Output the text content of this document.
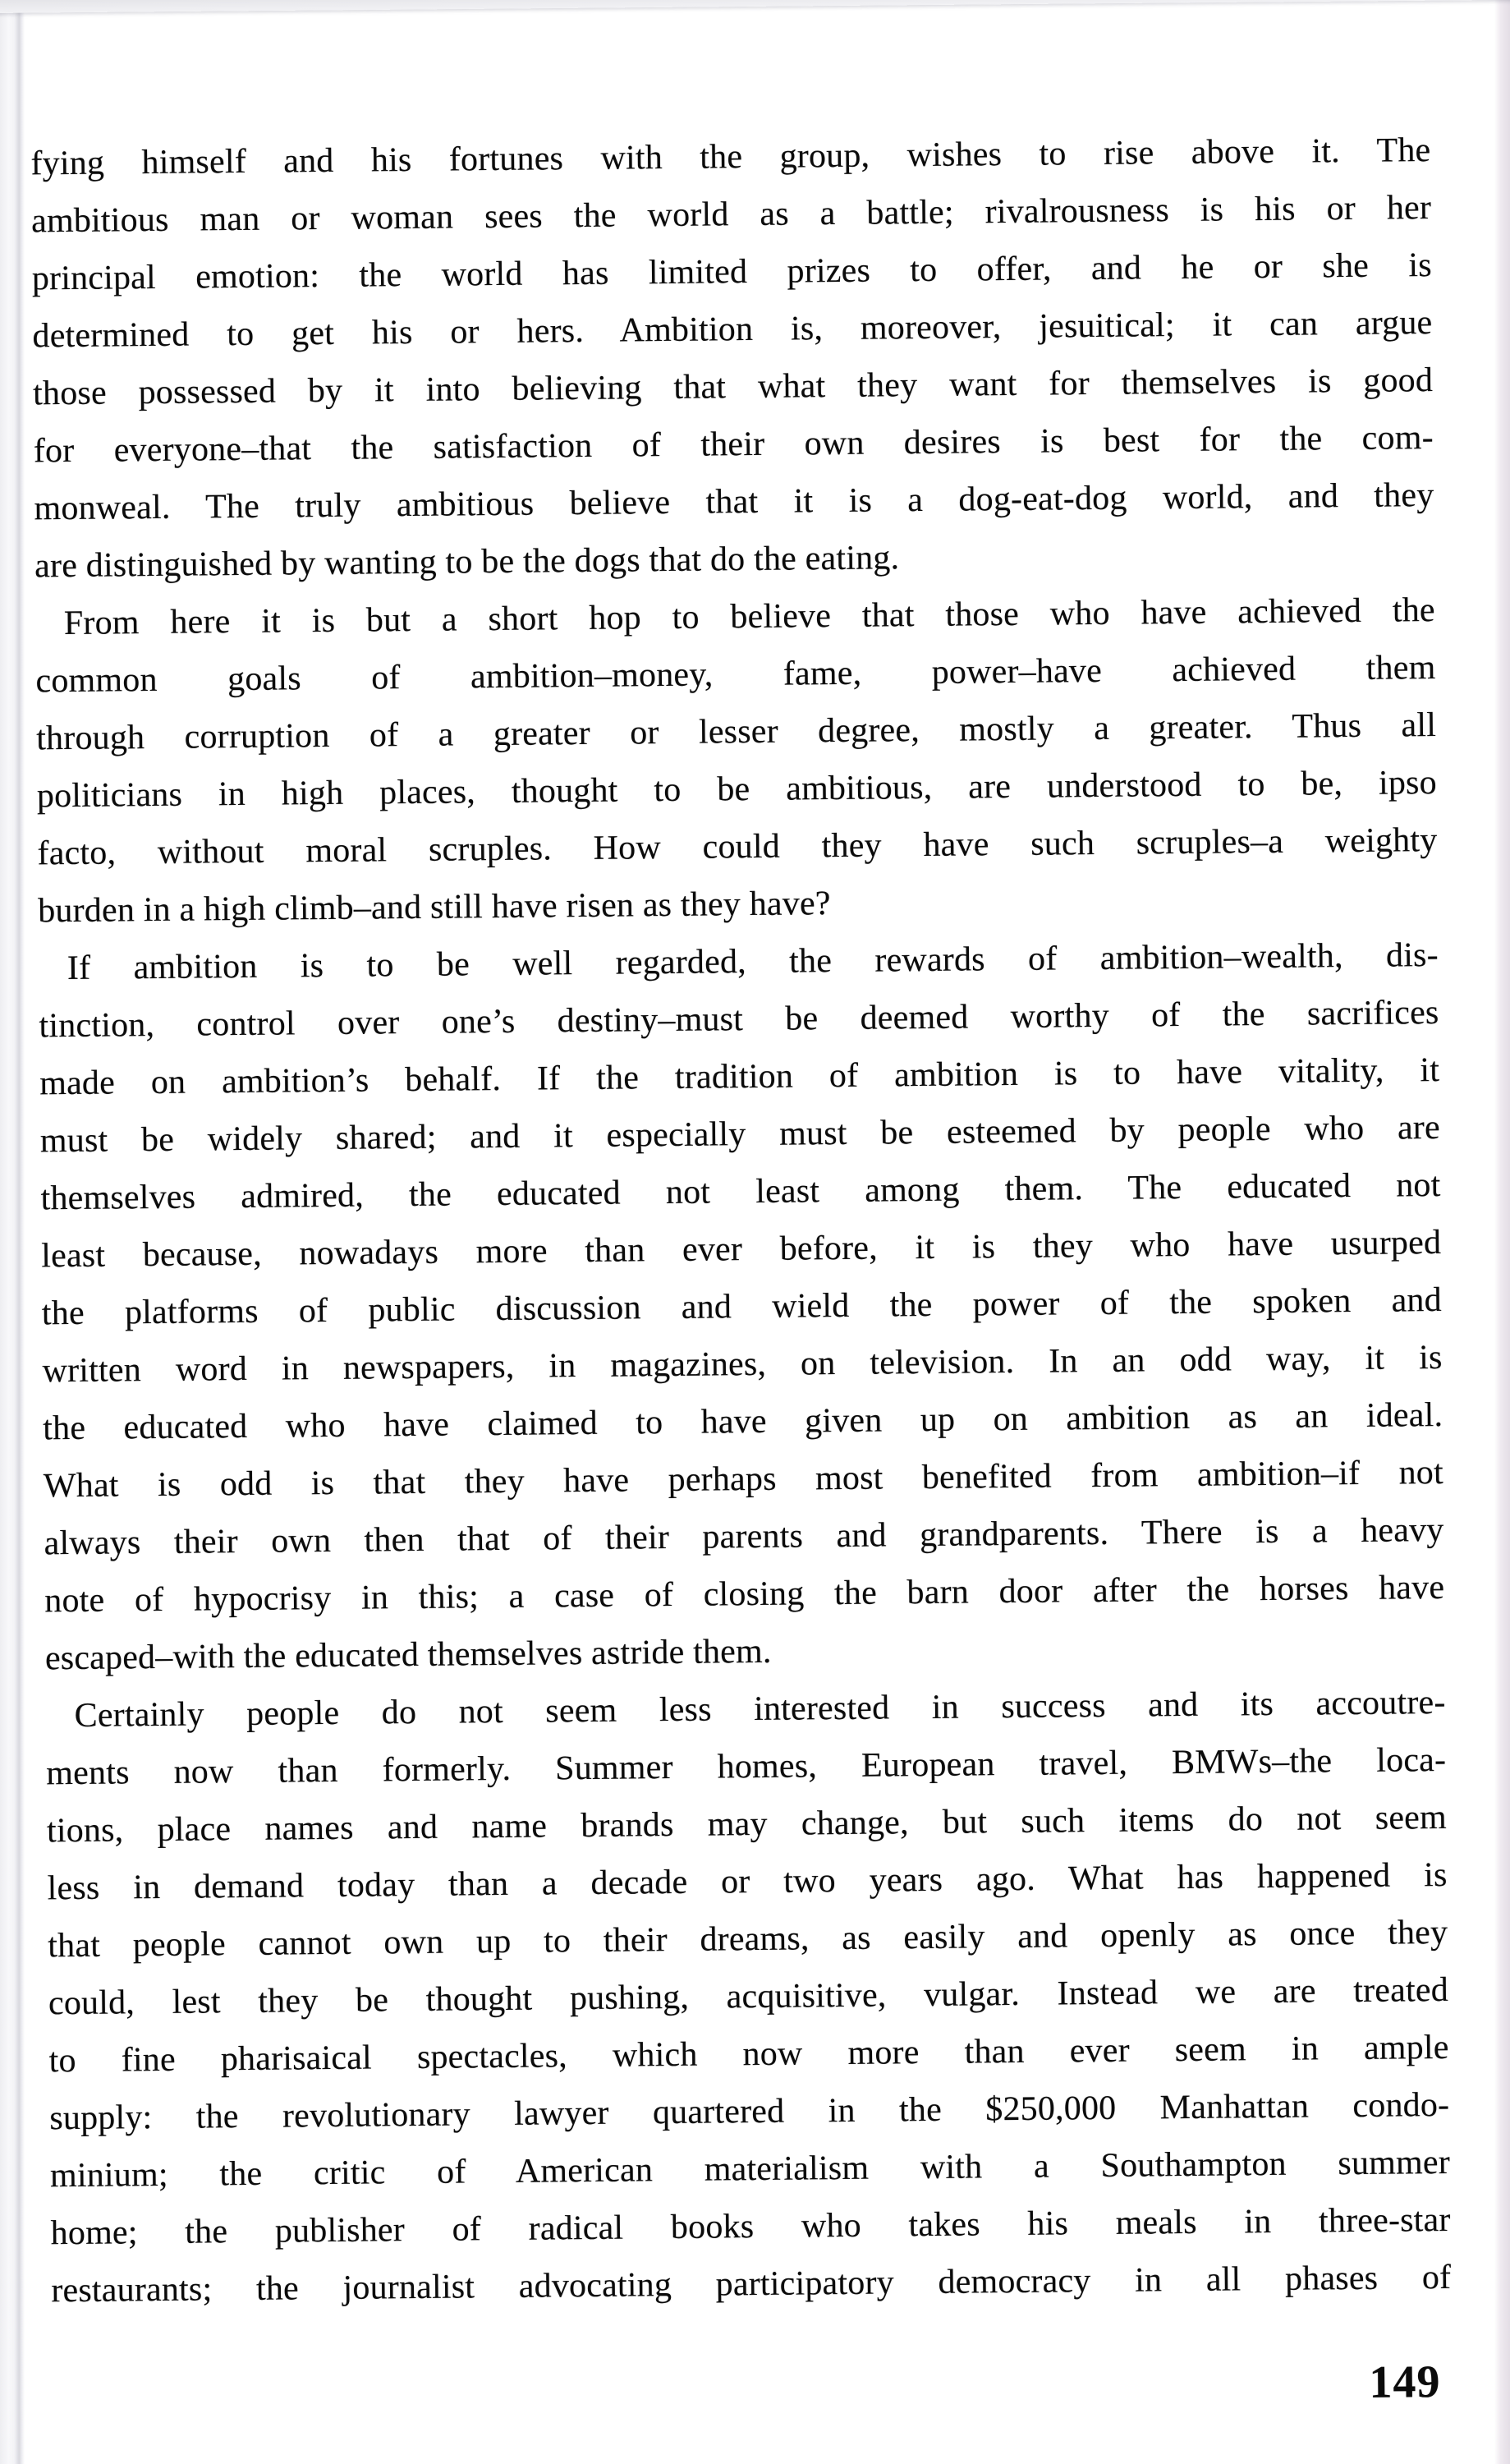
fying himself and his fortunes with the group, wishes to rise above it. The
ambitious man or woman sees the world as a battle; rivalrousness is his or her
principal emotion: the world has limited prizes to offer, and he or she is
determined to get his or hers. Ambition is, moreover, jesuitical; it can argue
those possessed by it into believing that what they want for themselves is good
for everyone–that the satisfaction of their own desires is best for the com-
monweal. The truly ambitious believe that it is a dog-eat-dog world, and they
are distinguished by wanting to be the dogs that do the eating.
From here it is but a short hop to believe that those who have achieved the
common goals of ambition–money, fame, power–have achieved them
through corruption of a greater or lesser degree, mostly a greater. Thus all
politicians in high places, thought to be ambitious, are understood to be, ipso
facto, without moral scruples. How could they have such scruples–a weighty
burden in a high climb–and still have risen as they have?
If ambition is to be well regarded, the rewards of ambition–wealth, dis-
tinction, control over one’s destiny–must be deemed worthy of the sacrifices
made on ambition’s behalf. If the tradition of ambition is to have vitality, it
must be widely shared; and it especially must be esteemed by people who are
themselves admired, the educated not least among them. The educated not
least because, nowadays more than ever before, it is they who have usurped
the platforms of public discussion and wield the power of the spoken and
written word in newspapers, in magazines, on television. In an odd way, it is
the educated who have claimed to have given up on ambition as an ideal.
What is odd is that they have perhaps most benefited from ambition–if not
always their own then that of their parents and grandparents. There is a heavy
note of hypocrisy in this; a case of closing the barn door after the horses have
escaped–with the educated themselves astride them.
Certainly people do not seem less interested in success and its accoutre-
ments now than formerly. Summer homes, European travel, BMWs–the loca-
tions, place names and name brands may change, but such items do not seem
less in demand today than a decade or two years ago. What has happened is
that people cannot own up to their dreams, as easily and openly as once they
could, lest they be thought pushing, acquisitive, vulgar. Instead we are treated
to fine pharisaical spectacles, which now more than ever seem in ample
supply: the revolutionary lawyer quartered in the $250,000 Manhattan condo-
minium; the critic of American materialism with a Southampton summer
home; the publisher of radical books who takes his meals in three-star
restaurants; the journalist advocating participatory democracy in all phases of
149
